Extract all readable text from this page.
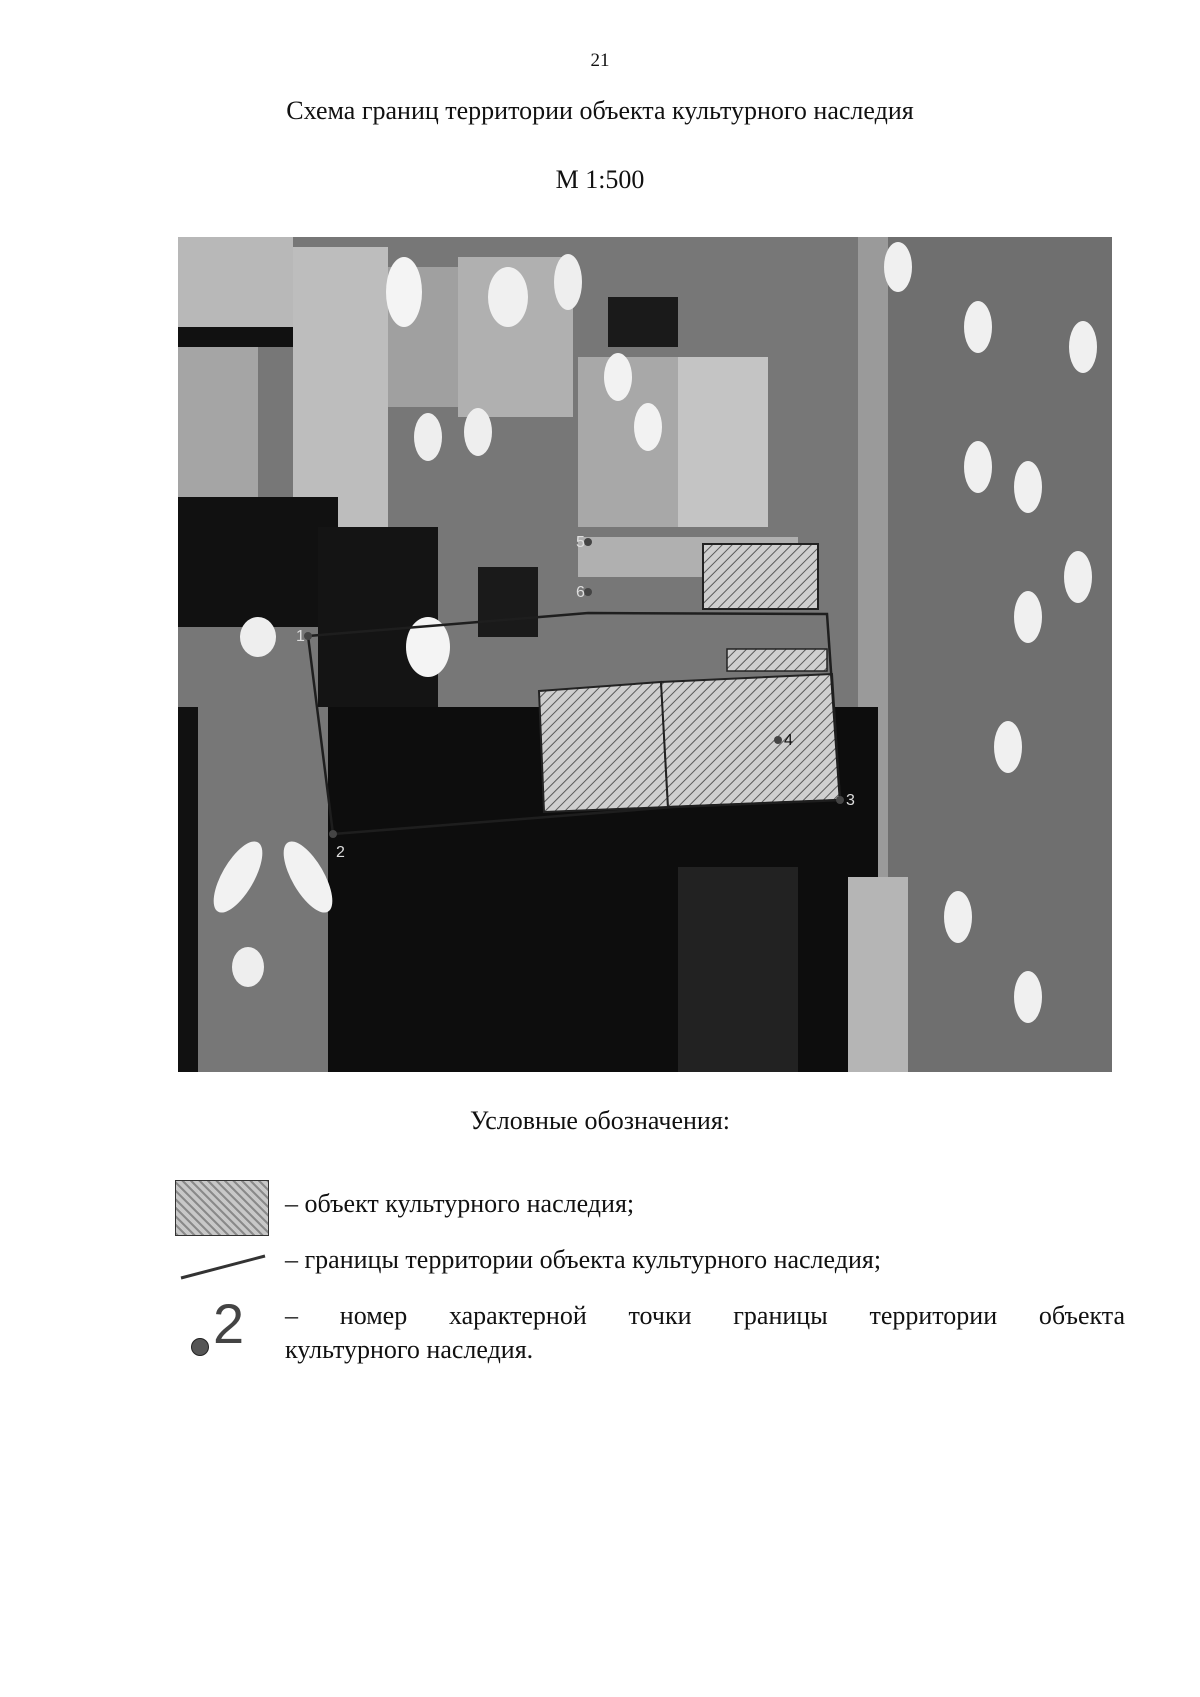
21
Схема границ территории объекта культурного наследия
М 1:500
1
2
3
4
5
6
Условные обозначения:
– объект культурного наследия;
– границы территории объекта культурного наследия;
2 – номер характерной точки границы территории объекта
культурного наследия.
